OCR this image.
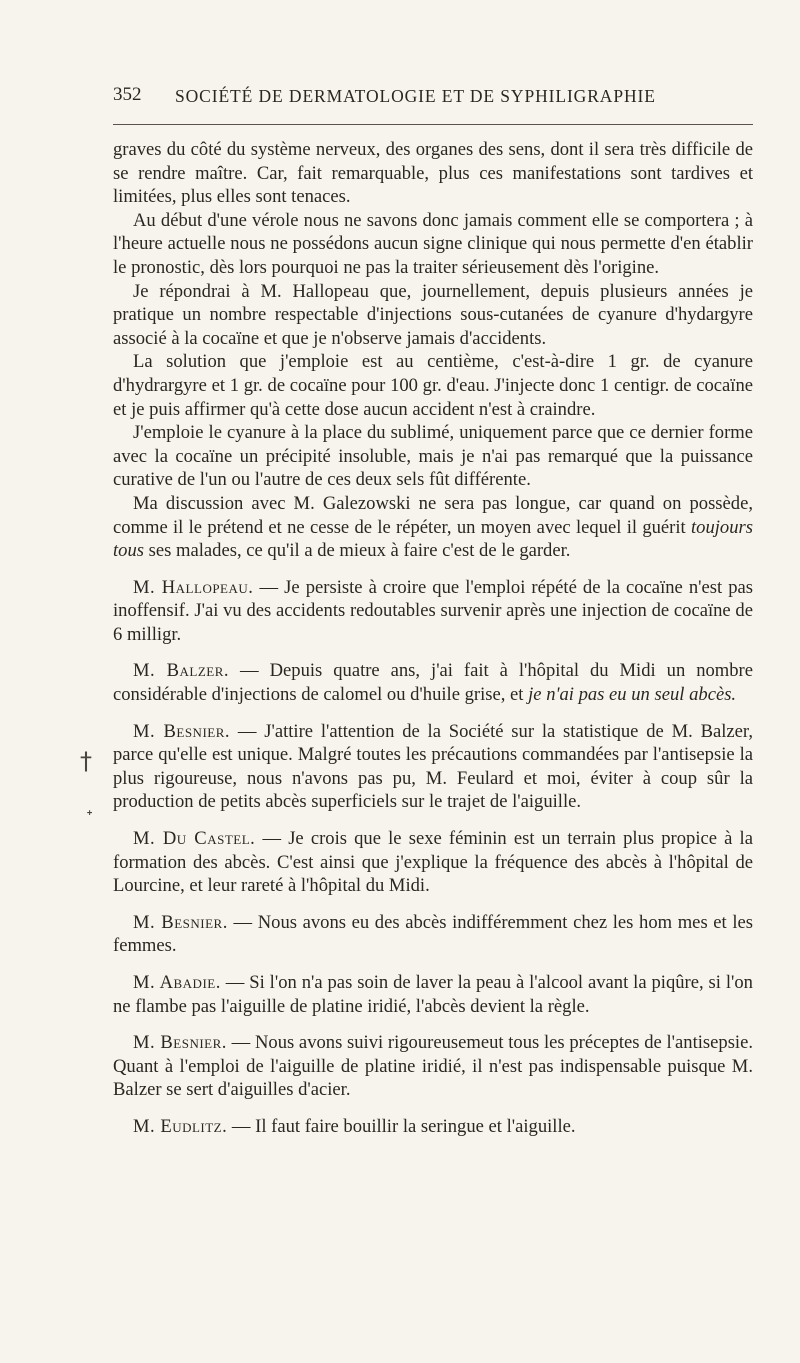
352 SOCIÉTÉ DE DERMATOLOGIE ET DE SYPHILIGRAPHIE
†
ᐩ

graves du côté du système nerveux, des organes des sens, dont il sera très difficile de se rendre maître. Car, fait remarquable, plus ces manifestations sont tardives et limitées, plus elles sont tenaces.

Au début d'une vérole nous ne savons donc jamais comment elle se comportera ; à l'heure actuelle nous ne possédons aucun signe clinique qui nous permette d'en établir le pronostic, dès lors pourquoi ne pas la traiter sérieusement dès l'origine.

Je répondrai à M. Hallopeau que, journellement, depuis plusieurs années je pratique un nombre respectable d'injections sous-cutanées de cyanure d'hydargyre associé à la cocaïne et que je n'observe jamais d'accidents.

La solution que j'emploie est au centième, c'est-à-dire 1 gr. de cyanure d'hydrargyre et 1 gr. de cocaïne pour 100 gr. d'eau. J'injecte donc 1 centigr. de cocaïne et je puis affirmer qu'à cette dose aucun accident n'est à craindre.

J'emploie le cyanure à la place du sublimé, uniquement parce que ce dernier forme avec la cocaïne un précipité insoluble, mais je n'ai pas remarqué que la puissance curative de l'un ou l'autre de ces deux sels fût différente.

Ma discussion avec M. Galezowski ne sera pas longue, car quand on possède, comme il le prétend et ne cesse de le répéter, un moyen avec lequel il guérit toujours tous ses malades, ce qu'il a de mieux à faire c'est de le garder.

M. Hallopeau. — Je persiste à croire que l'emploi répété de la cocaïne n'est pas inoffensif. J'ai vu des accidents redoutables survenir après une injection de cocaïne de 6 milligr.

M. Balzer. — Depuis quatre ans, j'ai fait à l'hôpital du Midi un nombre considérable d'injections de calomel ou d'huile grise, et je n'ai pas eu un seul abcès.

M. Besnier. — J'attire l'attention de la Société sur la statistique de M. Balzer, parce qu'elle est unique. Malgré toutes les précautions commandées par l'antisepsie la plus rigoureuse, nous n'avons pas pu, M. Feulard et moi, éviter à coup sûr la production de petits abcès superficiels sur le trajet de l'aiguille.

M. Du Castel. — Je crois que le sexe féminin est un terrain plus propice à la formation des abcès. C'est ainsi que j'explique la fréquence des abcès à l'hôpital de Lourcine, et leur rareté à l'hôpital du Midi.

M. Besnier. — Nous avons eu des abcès indifféremment chez les hom mes et les femmes.

M. Abadie. — Si l'on n'a pas soin de laver la peau à l'alcool avant la piqûre, si l'on ne flambe pas l'aiguille de platine iridié, l'abcès devient la règle.

M. Besnier. — Nous avons suivi rigoureusemeut tous les préceptes de l'antisepsie. Quant à l'emploi de l'aiguille de platine iridié, il n'est pas indispensable puisque M. Balzer se sert d'aiguilles d'acier.

M. Eudlitz. — Il faut faire bouillir la seringue et l'aiguille.
